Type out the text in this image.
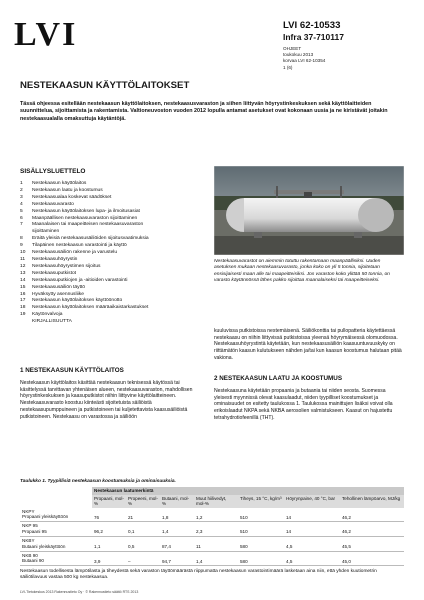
LVI	LVI 62-10533
Infra 37-710117
OHJEET
toukokuu 2013
korvaa LVI 62-10354
1 (6)
NESTEKAASUN KÄYTTÖLAITOKSET
Tässä ohjeessa esitellään nestekaasun käyttölaitoksen, nestekaasusvaraston ja siihen liittyvän höyrystinkeskuksen sekä käyttölaitteiden suunnittelua, sijoittamista ja rakentamista. Valtioneuvoston vuoden 2012 lopulla antamat asetukset ovat kokonaan uusia ja ne kiristävät joitakin nestekaasualalla omaksuttuja käytäntöjä.
SISÄLLYSLUETTELO
1	Nestekaasun käyttölaitos
2	Nestekaasun laatu ja koostumus
3	Nestekaasualaa koskevat säädökset
4	Nestekaasuvarasto
5	Nestekaasun käyttölaitoksen lupa- ja ilmoitusasiat
6	Maanpäällisen nestekaasuvaraston sijoittaminen
7	Maanalaisen tai maapeitteisen nestekaasuvaraston
sijoittaminen
8	Eräitä yleisiä nestekaasusäiliöiden sijoitusvaatimuksia
9	Tilapäinen nestekaasun varastointi ja käyttö
10	Nestekaasusäiliön rakenne ja varustelu
11	Nestekaasuhöyrystin
12	Nestekaasuhöyrystimen sijoitus
13	Nestekaasuputkistot
14	Nestekaasuputkiojen ja -aitioiden varastointi
15	Nestekaasusäiliön täyttö
16	Hyväksytty asennusliike
17	Nestekaasun käyttölaitoksen käyttöönotto
18	Nestekaasun käyttölaitoksen määräaikaistarkastukset
19	Käytönvalvoja
KIRJALLISUUTTA
Nestekaasuvarastot on aiemmin totuttu rakentamaan maanpäällisiksi. Uuden asetuksen mukaan nestekaasuvarasto, jonka koko on yli 5 tonnia, sijoitetaan ensisijaisesti maan alle tai maapeitteisiksi. Jos varaston koko ylittää 50 tonnia, on varasto käytännössä lähes pakko sijoittaa maanalaiseksi tai maapeitteiseksi.
kuuluvissa putkistoissa nestemäisenä. Säiliökonttia tai pullopatteria käytettäessä nestekaasu on niihin liittyvissä putkistoissa yleensä höyrymäisessä olomuodossa. Nestekaasuhöyrystintä käytetään, kun nestekaasusäiliön kaasuuntuvuuskyky on riittämätön kaasun kulutukseen nähden ja/tai kun kaasun koostumus halutaan pitää vakiona.
1 NESTEKAASUN KÄYTTÖLAITOS
Nestekaasun käyttölaitos käsittää nestekaasun teknisessä käytössä tai käsittelyssä tarvittavan yhtenäisen alueen, nestekaasuvaraston, mahdollisen höyrystinkeskuksen ja kaasuputkistot niihin liittyvine käyttölaitteineen. Nestekaasuvarasto koostuu kiinteästi sijoitetuista säiliöistä nestekaasupumppuineen ja putkistoineen tai kuljetettavista kaasusäiliöistä putkistoineen. Nestekaasu on varastossa ja säiliöön
2 NESTEKAASUN LAATU JA KOOSTUMUS
Nestekaasuna käytetään propaania ja butaania tai niiden seosta. Suomessa yleisesti myynnissä olevat kaasulaadut, niiden tyypilliset koostumukset ja ominaisuudet on esitetty taulukossa 1. Taulukossa mainittujen lisäksi voivat olla erikoislaadut NKPA sekä NKBA aerosolien valmistukseen. Kaasut on hajustettu tetrahydrotiofeenillä (THT).
Taulukko 1. Tyypillisiä nestekaasun koostumuksia ja ominaisuuksia.
	Nestekaasun laatumerkintä						
	Propaani, mol-%	Propeeni, mol-%	Butaani, mol-%	Muut hiilivedyt, mol-%	Tiheys, 15 °C, kg/m³	Höyrynpaine, 40 °C, bar	Tehollinen lämpöarvo, MJ/kg

NKPY
Propaani yleiskäyttöön	76	21	1,8	1,2	510	14	46,2

NKP 95
Propaani 95	96,2	0,1	1,4	2,3	510	14	46,2

NKBY
Butaani yleiskäyttöön	1,1	0,5	87,4	11	580	4,5	45,5

NKB 90
Butaani 90	3,9	–	94,7	1,4	580	4,5	45,0
Nestekaasun todellisesta lämpötilasta ja tiheydestä sekä varaston täyttömäärästä riippumatta nestekaasun varastointimäärä lasketaan aina niin, että yhden kuutiometrin säiliötilavuus vastaa 500 kg nestekaasua.
LVI-Tietokeskus 2013 Rakennustieto Oy · © Rakennustieto säätiö RTS 2013
